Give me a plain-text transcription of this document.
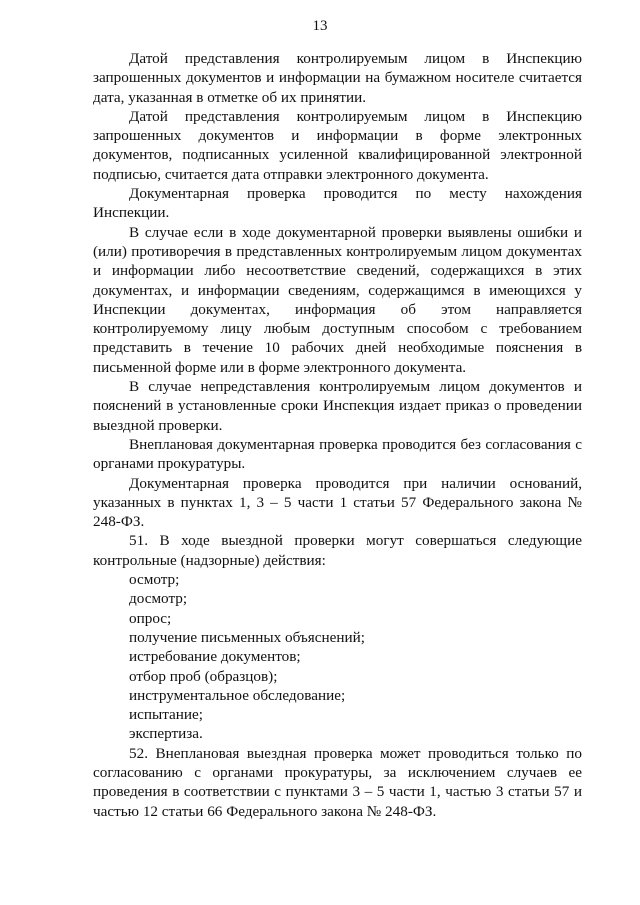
13

Датой представления контролируемым лицом в Инспекцию запрошенных документов и информации на бумажном носителе считается дата, указанная в отметке об их принятии.

Датой представления контролируемым лицом в Инспекцию запрошенных документов и информации в форме электронных документов, подписанных усиленной квалифицированной электронной подписью, считается дата отправки электронного документа.

Документарная проверка проводится по месту нахождения Инспекции.

В случае если в ходе документарной проверки выявлены ошибки и (или) противоречия в представленных контролируемым лицом документах и информации либо несоответствие сведений, содержащихся в этих документах, и информации сведениям, содержащимся в имеющихся у Инспекции документах, информация об этом направляется контролируемому лицу любым доступным способом с требованием представить в течение 10 рабочих дней необходимые пояснения в письменной форме или в форме электронного документа.

В случае непредставления контролируемым лицом документов и пояснений в установленные сроки Инспекция издает приказ о проведении выездной проверки.

Внеплановая документарная проверка проводится без согласования с органами прокуратуры.

Документарная проверка проводится при наличии оснований, указанных в пунктах 1, 3 – 5 части 1 статьи 57 Федерального закона № 248-ФЗ.

51. В ходе выездной проверки могут совершаться следующие контрольные (надзорные) действия:

осмотр;

досмотр;

опрос;

получение письменных объяснений;

истребование документов;

отбор проб (образцов);

инструментальное обследование;

испытание;

экспертиза.

52. Внеплановая выездная проверка может проводиться только по согласованию с органами прокуратуры, за исключением случаев ее проведения в соответствии с пунктами 3 – 5 части 1, частью 3 статьи 57 и частью 12 статьи 66 Федерального закона № 248-ФЗ.
